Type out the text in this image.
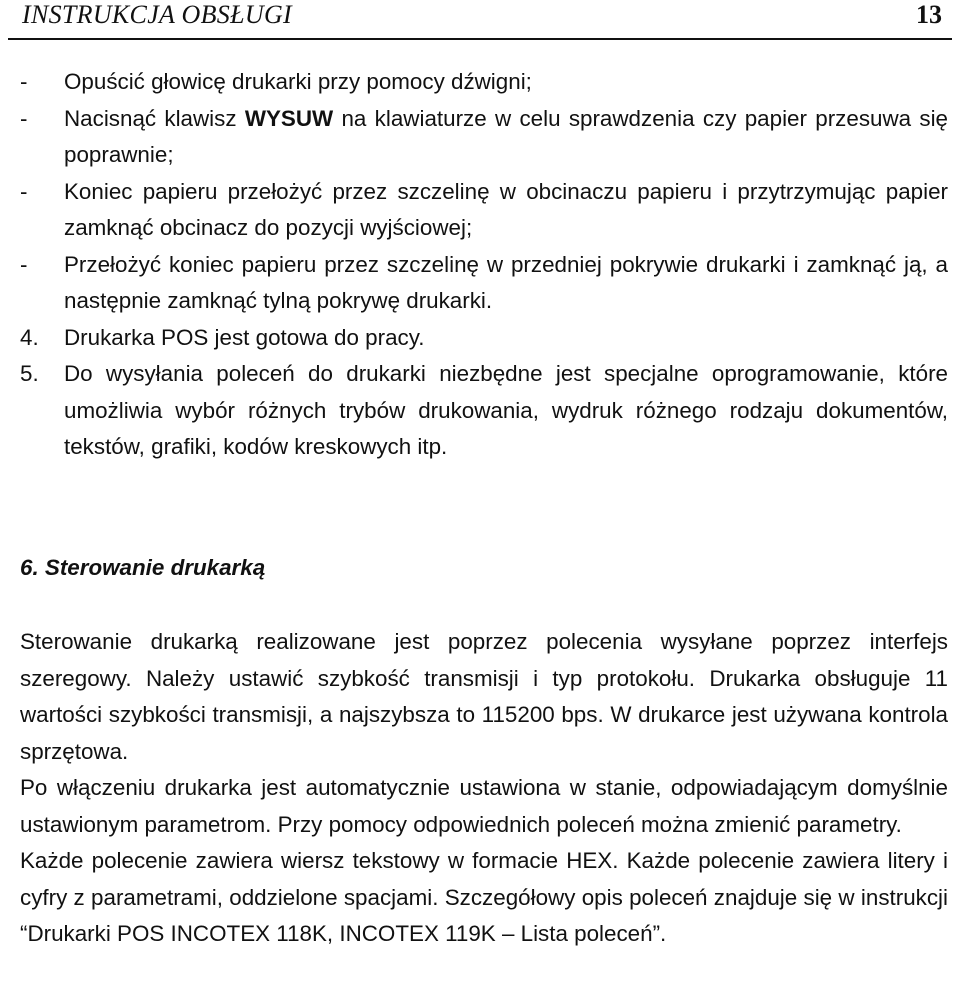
INSTRUKCJA OBSŁUGI	13
-	Opuścić głowicę drukarki przy pomocy dźwigni;
-	Nacisnąć klawisz WYSUW na klawiaturze w celu sprawdzenia czy papier przesuwa się poprawnie;
-	Koniec papieru przełożyć przez szczelinę w obcinaczu papieru i przytrzymując papier zamknąć obcinacz do pozycji wyjściowej;
-	Przełożyć koniec papieru przez szczelinę w przedniej pokrywie drukarki i zamknąć ją, a następnie zamknąć tylną pokrywę drukarki.
4.	Drukarka POS jest gotowa do pracy.
5.	Do wysyłania poleceń do drukarki niezbędne jest specjalne oprogramowanie, które umożliwia wybór różnych trybów drukowania, wydruk różnego rodzaju dokumentów, tekstów, grafiki, kodów kreskowych itp.
6. Sterowanie drukarką

Sterowanie drukarką realizowane jest poprzez polecenia wysyłane poprzez interfejs szeregowy. Należy ustawić szybkość transmisji i typ protokołu. Drukarka obsługuje 11 wartości szybkości transmisji, a najszybsza to 115200 bps. W drukarce jest używana kontrola sprzętowa.

Po włączeniu drukarka jest automatycznie ustawiona w stanie, odpowiadającym domyślnie ustawionym parametrom. Przy pomocy odpowiednich poleceń można zmienić parametry.

Każde polecenie zawiera wiersz tekstowy w formacie HEX. Każde polecenie zawiera litery i cyfry z parametrami, oddzielone spacjami. Szczegółowy opis poleceń znajduje się w instrukcji “Drukarki POS INCOTEX 118K, INCOTEX 119K – Lista poleceń”.
